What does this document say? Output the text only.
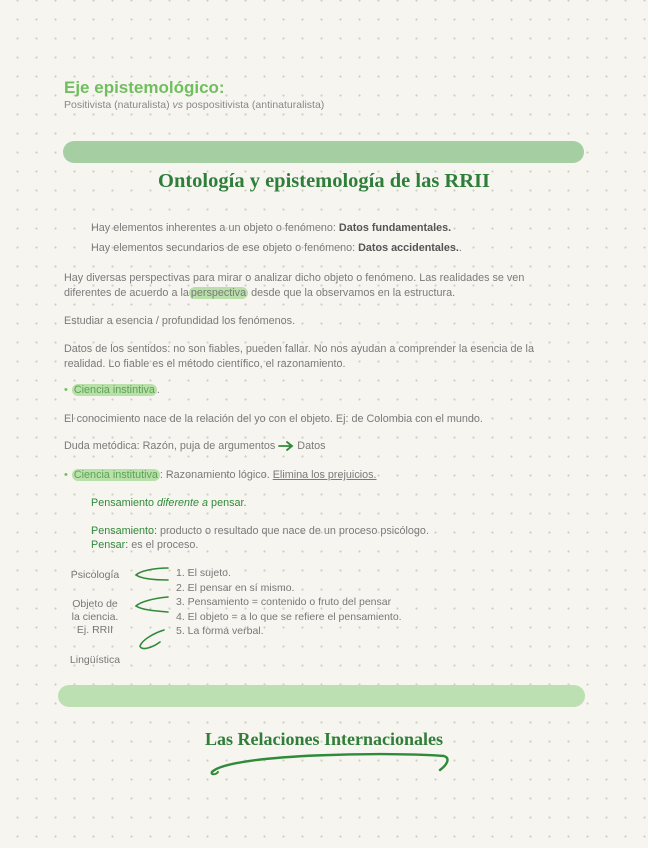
Eje epistemológico:
Positivista (naturalista) vs pospositivista (antinaturalista)
Ontología y epistemología de las RRII
Hay elementos inherentes a un objeto o fenómeno: Datos fundamentales.
Hay elementos secundarios de ese objeto o fenómeno: Datos accidentales..
Hay diversas perspectivas para mirar o analizar dicho objeto o fenómeno. Las realidades se ven diferentes de acuerdo a la perspectiva desde que la observamos en la estructura.
Estudiar a esencia / profundidad los fenómenos.
Datos de los sentidos: no son fiables, pueden fallar. No nos ayudan a comprender la esencia de la realidad. Lo fiable es el método científico, el razonamiento.
• Ciencia instintiva .
El conocimiento nace de la relación del yo con el objeto. Ej: de Colombia con el mundo.
Duda metódica: Razón, puja de argumentos  Datos
• Ciencia institutiva : Razonamiento lógico. Elimina los prejuicios.
Pensamiento diferente a pensar.
Pensamiento: producto o resultado que nace de un proceso psicólogo.
Pensar: es el proceso.
Psicología
Objeto de
la ciencia.
Ej. RRII
Lingüística
1. El sujeto.
2. El pensar en sí mismo.
3. Pensamiento = contenido o fruto del pensar
4. El objeto = a lo que se refiere el pensamiento.
5. La forma verbal.
Las Relaciones Internacionales
